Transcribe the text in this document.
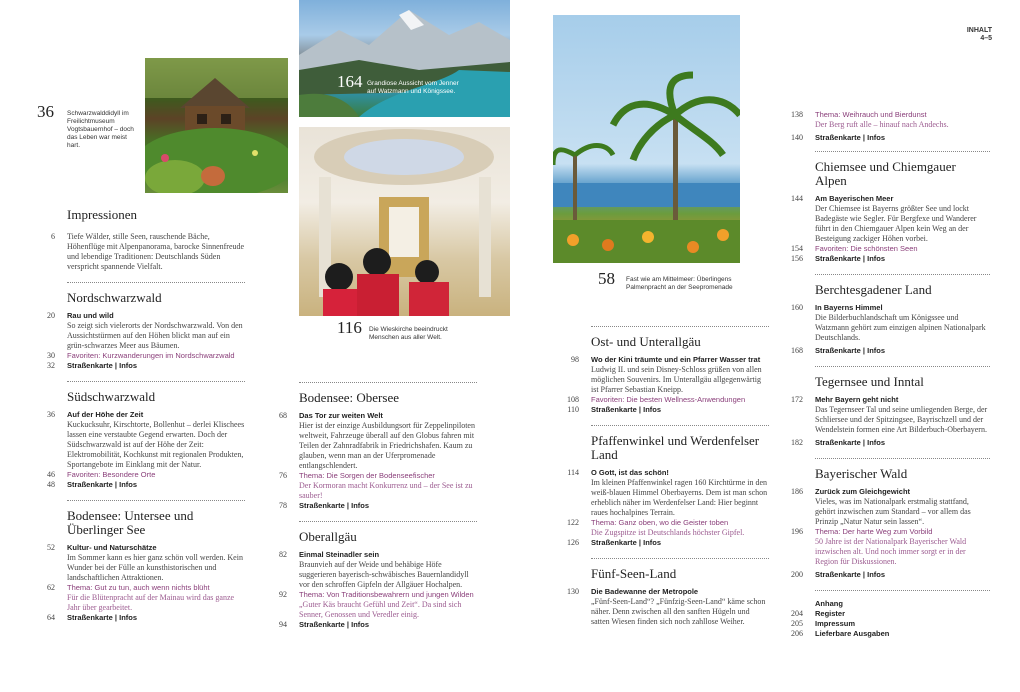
INHALT
4–5
36 Schwarzwalddidyll im Freilichtmuseum Vogtsbauernhof – doch das Leben war meist hart.
164 Grandiose Aussicht vom Jenner auf Watzmann und Königssee.
116 Die Wieskirche beeindruckt Menschen aus aller Welt.
58 Fast wie am Mittelmeer: Überlingens Palmenpracht an der Seepromenade
Impressionen
6 Tiefe Wälder, stille Seen, rauschende Bäche, Höhenflüge mit Alpenpanorama, barocke Sinnenfreude und lebendige Traditionen: Deutschlands Süden verspricht spannende Vielfalt.
Nordschwarzwald
20 Rau und wild
So zeigt sich vielerorts der Nordschwarzwald. Von den Aussichtstürmen auf den Höhen blickt man auf ein grün-schwarzes Meer aus Bäumen.
30 Favoriten: Kurzwanderungen im Nordschwarzwald
32 Straßenkarte | Infos
Südschwarzwald
36 Auf der Höhe der Zeit
Kuckucksuhr, Kirschtorte, Bollenhut – derlei Klischees lassen eine verstaubte Gegend erwarten. Doch der Südschwarzwald ist auf der Höhe der Zeit: Elektromobilität, Kochkunst mit regionalen Produkten, Sportangebote im Einklang mit der Natur.
46 Favoriten: Besondere Orte
48 Straßenkarte | Infos
Bodensee: Untersee und Überlinger See
52 Kultur- und Naturschätze
Im Sommer kann es hier ganz schön voll werden. Kein Wunder bei der Fülle an kunsthistorischen und landschaftlichen Attraktionen.
62 Thema: Gut zu tun, auch wenn nichts blüht
Für die Blütenpracht auf der Mainau wird das ganze Jahr über gearbeitet.
64 Straßenkarte | Infos
Bodensee: Obersee
68 Das Tor zur weiten Welt
Hier ist der einzige Ausbildungsort für Zeppelinpiloten weltweit, Fahrzeuge überall auf den Globus fahren mit Teilen der Zahnradfabrik in Friedrichshafen. Kaum zu glauben, wenn man an der Uferpromenade entlangschlendert.
76 Thema: Die Sorgen der Bodenseefischer
Der Kormoran macht Konkurrenz und – der See ist zu sauber!
78 Straßenkarte | Infos
Oberallgäu
82 Einmal Steinadler sein
Braunvieh auf der Weide und behäbige Höfe suggerieren bayerisch-schwäbisches Bauernlandidyll vor den schroffen Gipfeln der Allgäuer Hochalpen.
92 Thema: Von Traditionsbewahrern und jungen Wilden
„Guter Käs braucht Gefühl und Zeit“. Da sind sich Senner, Genossen und Veredler einig.
94 Straßenkarte | Infos
Ost- und Unterallgäu
98 Wo der Kini träumte und ein Pfarrer Wasser trat
Ludwig II. und sein Disney-Schloss grüßen von allen möglichen Souvenirs. Im Unterallgäu allgegenwärtig ist Pfarrer Sebastian Kneipp.
108 Favoriten: Die besten Wellness-Anwendungen
110 Straßenkarte | Infos
Pfaffenwinkel und Werdenfelser Land
114 O Gott, ist das schön!
Im kleinen Pfaffenwinkel ragen 160 Kirchtürme in den weiß-blauen Himmel Oberbayerns. Dem ist man schon erheblich näher im Werdenfelser Land: Hier beginnt raues hochalpines Terrain.
122 Thema: Ganz oben, wo die Geister toben
Die Zugspitze ist Deutschlands höchster Gipfel.
126 Straßenkarte | Infos
Fünf-Seen-Land
130 Die Badewanne der Metropole
„Fünf-Seen-Land“? „Fünfzig-Seen-Land“ käme schon näher. Denn zwischen all den sanften Hügeln und satten Wiesen finden sich noch zahllose Weiher.
138 Thema: Weihrauch und Bierdunst
Der Berg ruft alle – hinauf nach Andechs.
140 Straßenkarte | Infos
Chiemsee und Chiemgauer Alpen
144 Am Bayerischen Meer
Der Chiemsee ist Bayerns größter See und lockt Badegäste wie Segler. Für Bergfexe und Wanderer führt in den Chiemgauer Alpen kein Weg an der Besteigung zackiger Höhen vorbei.
154 Favoriten: Die schönsten Seen
156 Straßenkarte | Infos
Berchtesgadener Land
160 In Bayerns Himmel
Die Bilderbuchlandschaft um Königssee und Watzmann gehört zum einzigen alpinen Nationalpark Deutschlands.
168 Straßenkarte | Infos
Tegernsee und Inntal
172 Mehr Bayern geht nicht
Das Tegernseer Tal und seine umliegenden Berge, der Schliersee und der Spitzingsee, Bayrischzell und der Wendelstein formen eine Art Bilderbuch-Oberbayern.
182 Straßenkarte | Infos
Bayerischer Wald
186 Zurück zum Gleichgewicht
Vieles, was im Nationalpark erstmalig stattfand, gehört inzwischen zum Standard – vor allem das Prinzip „Natur Natur sein lassen“.
196 Thema: Der harte Weg zum Vorbild
50 Jahre ist der Nationalpark Bayerischer Wald inzwischen alt. Und noch immer sorgt er in der Region für Diskussionen.
200 Straßenkarte | Infos
Anhang
204 Register
205 Impressum
206 Lieferbare Ausgaben
